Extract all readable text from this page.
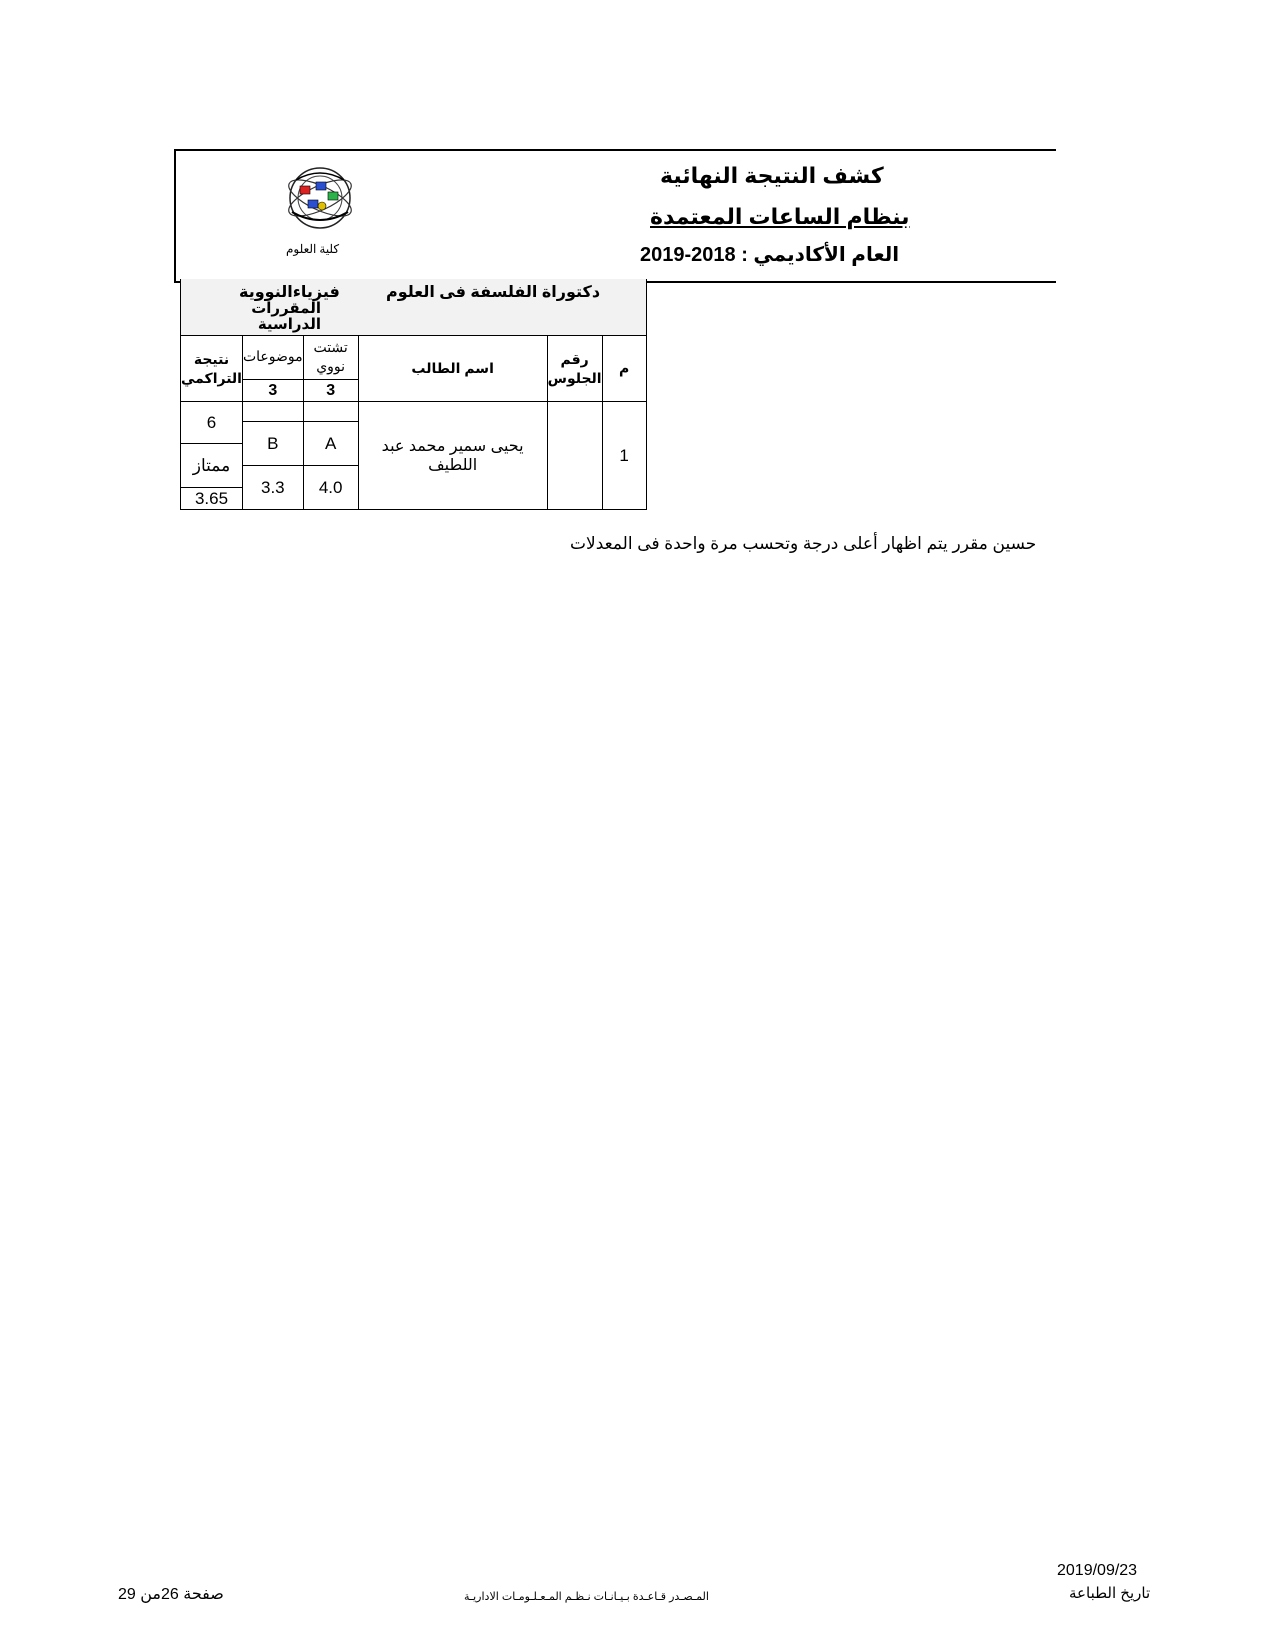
كشف النتيجة النهائية
بنظام الساعات المعتمدة
العام الأكاديمي : 2019-2018
كلية العلوم
فيزياءالنووية دكتوراة الفلسفة فى العلوم
المقررات الدراسية					

نتيجة التراكمي	موضوعات	تشتت نووي	اسم الطالب	رقم الجلوس	م
	3	3			
6			يحيى سمير محمد عبد اللطيف		1
	B	A			
ممتاز					
	3.3	4.0			
3.65					
حسين مقرر يتم اظهار أعلى درجة وتحسب مرة واحدة فى المعدلات
2019/09/23
تاريخ الطباعة
المـصـدر قـاعـدة بـيـانـات نـظـم المـعـلـومـات الاداريـة
صفحة 26من 29
